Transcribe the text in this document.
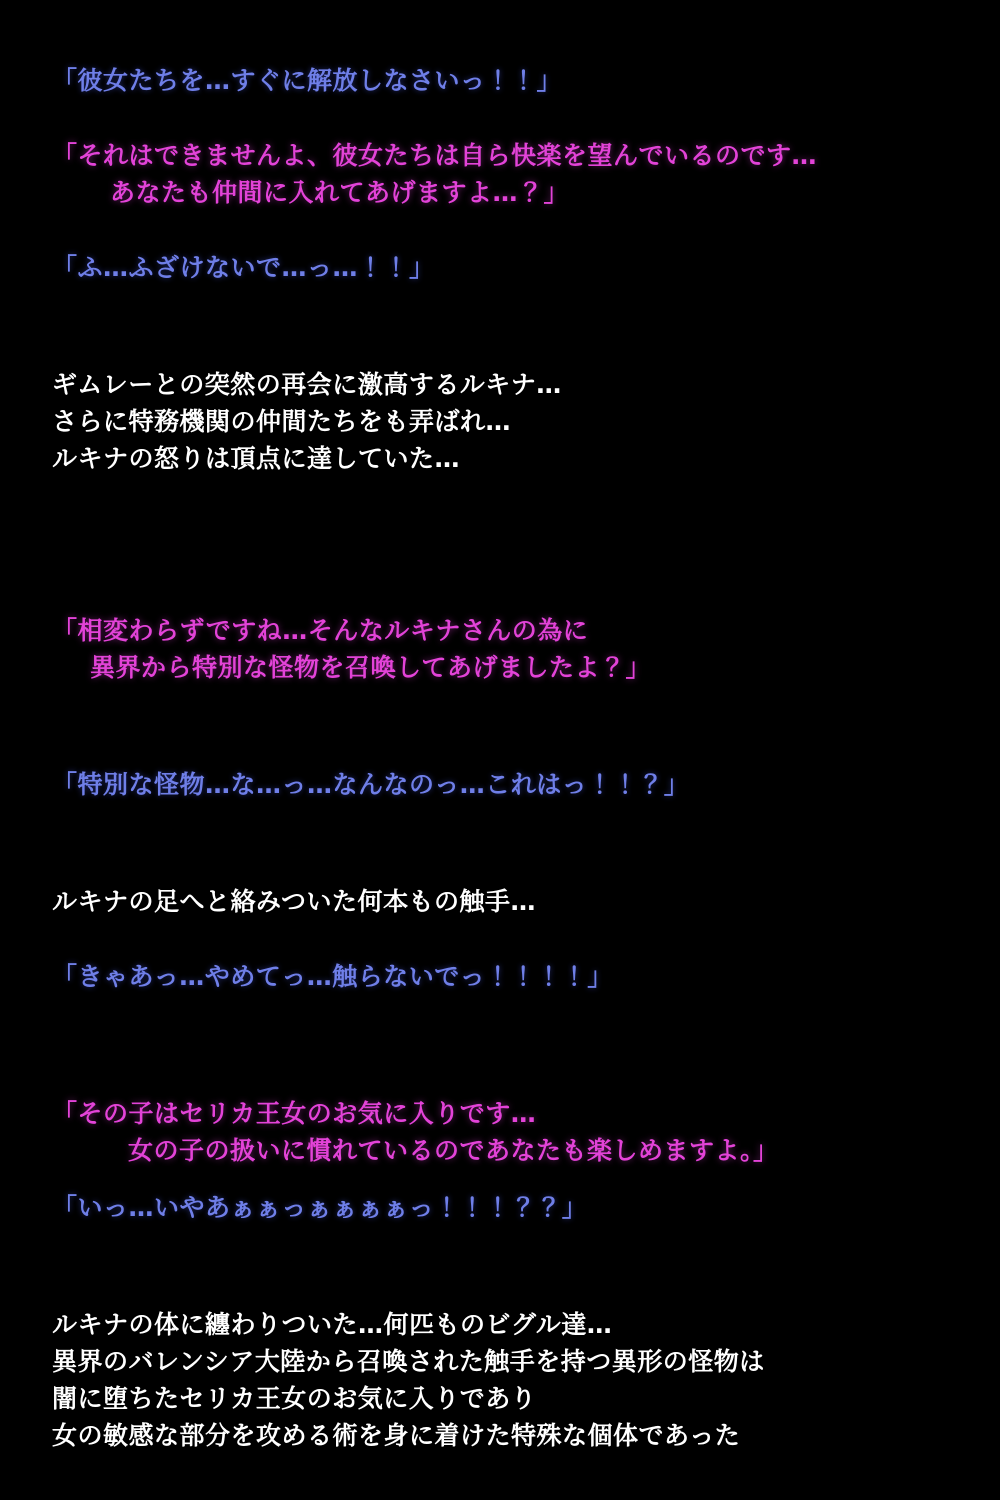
「彼女たちを…すぐに解放しなさいっ！！」

「それはできませんよ、彼女たちは自ら快楽を望んでいるのです…

あなたも仲間に入れてあげますよ…？」

「ふ…ふざけないで…っ…！！」

ギムレーとの突然の再会に激高するルキナ…

さらに特務機関の仲間たちをも弄ばれ…

ルキナの怒りは頂点に達していた…

「相変わらずですね…そんなルキナさんの為に

異界から特別な怪物を召喚してあげましたよ？」

「特別な怪物…な…っ…なんなのっ…これはっ！！？」

ルキナの足へと絡みついた何本もの触手…

「きゃあっ…やめてっ…触らないでっ！！！！」

「その子はセリカ王女のお気に入りです…

女の子の扱いに慣れているのであなたも楽しめますよ。」

「いっ…いやあぁぁっぁぁぁぁっ！！！？？」

ルキナの体に纏わりついた…何匹ものビグル達…

異界のバレンシア大陸から召喚された触手を持つ異形の怪物は

闇に堕ちたセリカ王女のお気に入りであり

女の敏感な部分を攻める術を身に着けた特殊な個体であった
